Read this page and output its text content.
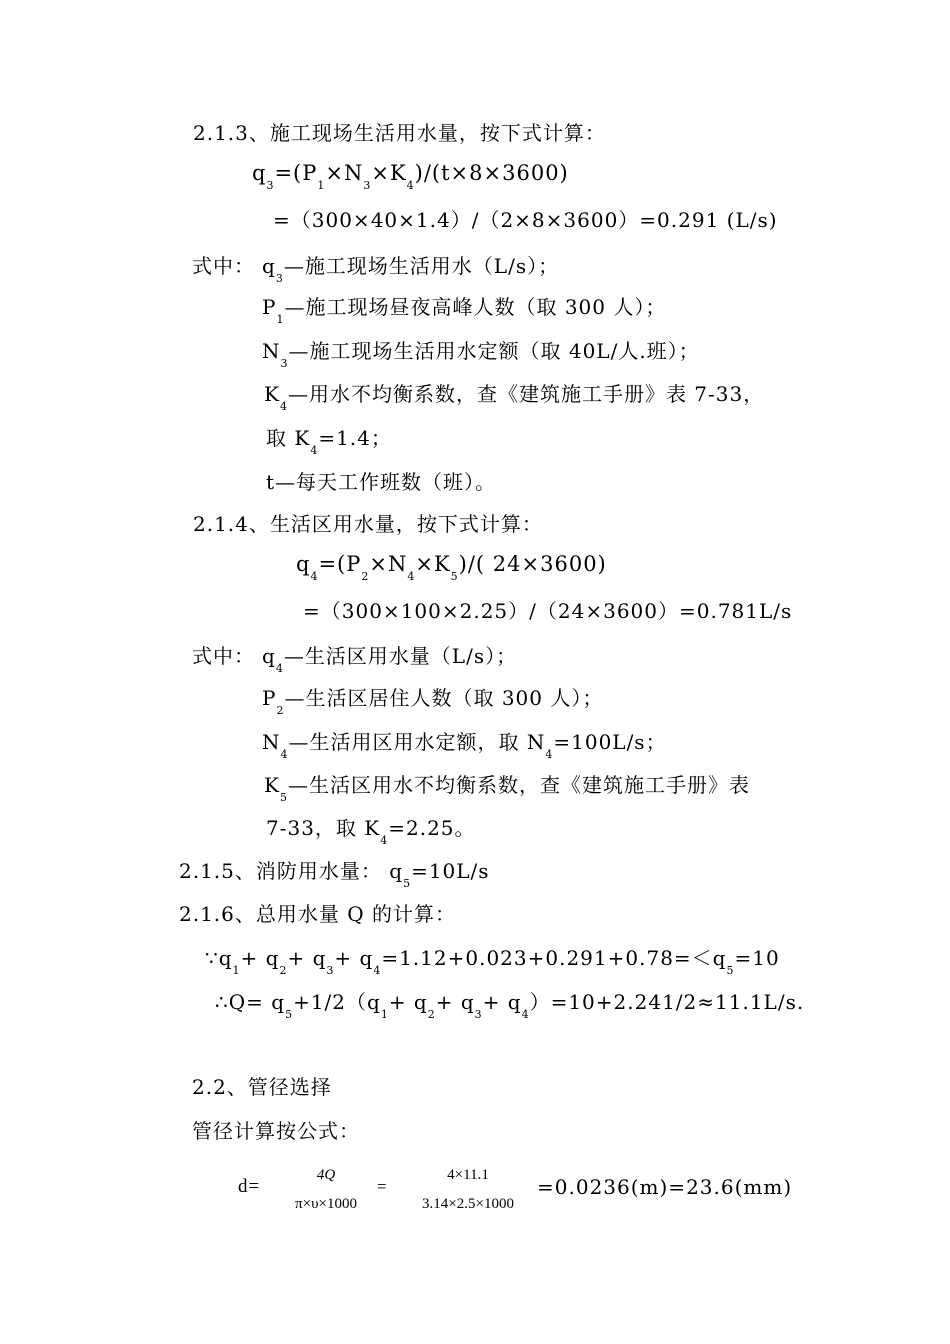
2.1.3、施工现场生活用水量，按下式计算：
$q_3=(P_1\times N_3\times K_4)/(t\times 8\times 3600)$
=（300×40×1.4）/（2×8×3600）=0.291 (L/s)
式中： $q_3—$施工现场生活用水（L/s）；
$P_1—$施工现场昼夜高峰人数（取 300 人）；
$N_3—$施工现场生活用水定额（取 40L/人.班）；
$K_4—$用水不均衡系数，查《建筑施工手册》表 7-33，
取 $K_4=1.4$；
t—每天工作班数（班）。
2.1.4、生活区用水量，按下式计算：
$q_4=(P_2\times N_4\times K_5)/$( 24×3600)
=（300×100×2.25）/（24×3600）=0.781L/s
式中： $q_4—$生活区用水量（L/s）；
$P_2—$生活区居住人数（取 300 人）；
$N_4—$生活用区用水定额，取 $N_4=100L/s$；
$K_5—$生活区用水不均衡系数，查《建筑施工手册》表
7-33，取 $K_4=2.25$。
2.1.5、消防用水量： $q_5=10L/s$
2.1.6、总用水量 Q 的计算：
$\because q_1+ q_2+ q_3+ q_4=1.12+0.023+0.291+0.78=<q_5=10$
∴Q= $q_5+1/2(q_1+ q_2+ q_3+ q_4)=10+2.241/2\approx 11.1L/s$.
2.2、管径选择
管径计算按公式：
d=
4Q
π×υ×1000
=
4×11.1
3.14×2.5×1000
=0.0236(m)=23.6(mm)
